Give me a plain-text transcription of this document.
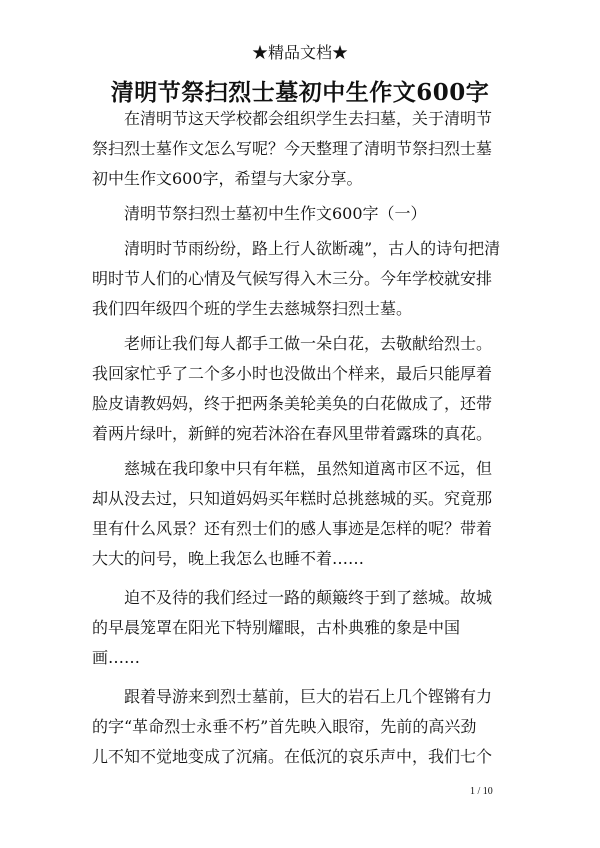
★精品文档★
清明节祭扫烈士墓初中生作文600字
在清明节这天学校都会组织学生去扫墓，关于清明节
祭扫烈士墓作文怎么写呢？今天整理了清明节祭扫烈士墓
初中生作文600字，希望与大家分享。
清明节祭扫烈士墓初中生作文600字（一）
清明时节雨纷纷，路上行人欲断魂”，古人的诗句把清
明时节人们的心情及气候写得入木三分。今年学校就安排
我们四年级四个班的学生去慈城祭扫烈士墓。
老师让我们每人都手工做一朵白花，去敬献给烈士。
我回家忙乎了二个多小时也没做出个样来，最后只能厚着
脸皮请教妈妈，终于把两条美轮美奂的白花做成了，还带
着两片绿叶，新鲜的宛若沐浴在春风里带着露珠的真花。
慈城在我印象中只有年糕，虽然知道离市区不远，但
却从没去过，只知道妈妈买年糕时总挑慈城的买。究竟那
里有什么风景？还有烈士们的感人事迹是怎样的呢？带着
大大的问号，晚上我怎么也睡不着……
迫不及待的我们经过一路的颠簸终于到了慈城。故城
的早晨笼罩在阳光下特别耀眼，古朴典雅的象是中国
画……
跟着导游来到烈士墓前，巨大的岩石上几个铿锵有力
的字“革命烈士永垂不朽”首先映入眼帘，先前的高兴劲
儿不知不觉地变成了沉痛。在低沉的哀乐声中，我们七个
1 / 10
